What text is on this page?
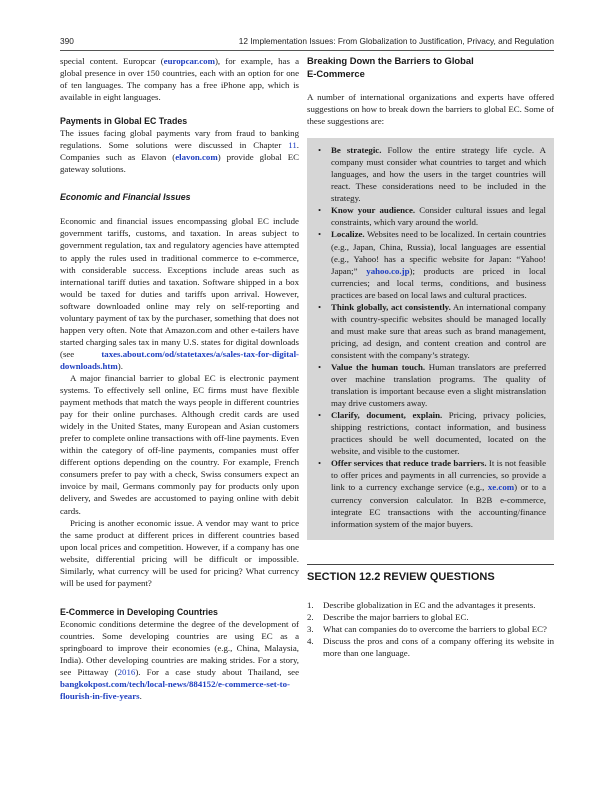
390	12 Implementation Issues: From Globalization to Justification, Privacy, and Regulation

special content. Europcar (europcar.com), for example, has a global presence in over 150 countries, each with an option for one of ten languages. The company has a free iPhone app, which is available in eight languages.

Payments in Global EC Trades

The issues facing global payments vary from fraud to banking regulations. Some solutions were discussed in Chapter 11. Companies such as Elavon (elavon.com) provide global EC gateway solutions.

Economic and Financial Issues

Economic and financial issues encompassing global EC include government tariffs, customs, and taxation. In areas subject to government regulation, tax and regulatory agencies have attempted to apply the rules used in traditional commerce to e-commerce, with considerable success. Exceptions include areas such as international tariff duties and taxation. Software shipped in a box would be taxed for duties and tariffs upon arrival. However, software downloaded online may rely on self-reporting and voluntary payment of tax by the purchaser, something that does not happen very often. Note that Amazon.com and other e-tailers have started charging sales tax in many U.S. states for digital downloads (see taxes.about.com/od/statetaxes/a/sales-tax-for-digital-downloads.htm).

A major financial barrier to global EC is electronic payment systems. To effectively sell online, EC firms must have flexible payment methods that match the ways people in different countries pay for their online purchases. Although credit cards are used widely in the United States, many European and Asian customers prefer to complete online transactions with off-line payments. Even within the category of off-line payments, companies must offer different options depending on the country. For example, French consumers prefer to pay with a check, Swiss consumers expect an invoice by mail, Germans commonly pay for products only upon delivery, and Swedes are accustomed to paying online with debit cards.

Pricing is another economic issue. A vendor may want to price the same product at different prices in different countries based upon local prices and competition. However, if a company has one website, differential pricing will be difficult or impossible. Similarly, what currency will be used for pricing? What currency will be used for payment?

E-Commerce in Developing Countries

Economic conditions determine the degree of the development of countries. Some developing countries are using EC as a springboard to improve their economies (e.g., China, Malaysia, India). Other developing countries are making strides. For a story, see Pittaway (2016). For a case study about Thailand, see bangkokpost.com/tech/local-news/884152/e-commerce-set-to-flourish-in-five-years.

Breaking Down the Barriers to Global
E-Commerce

A number of international organizations and experts have offered suggestions on how to break down the barriers to global EC. Some of these suggestions are:

• Be strategic. Follow the entire strategy life cycle. A company must consider what countries to target and which languages, and how the users in the target countries will react. These considerations need to be included in the strategy.
• Know your audience. Consider cultural issues and legal constraints, which vary around the world.
• Localize. Websites need to be localized. In certain countries (e.g., Japan, China, Russia), local languages are essential (e.g., Yahoo! has a specific website for Japan: “Yahoo! Japan;” yahoo.co.jp); products are priced in local currencies; and local terms, conditions, and business practices are based on local laws and cultural practices.
• Think globally, act consistently. An international company with country-specific websites should be managed locally and must make sure that areas such as brand management, pricing, ad design, and content creation and control are consistent with the company’s strategy.
• Value the human touch. Human translators are preferred over machine translation programs. The quality of translation is important because even a slight mistranslation may drive customers away.
• Clarify, document, explain. Pricing, privacy policies, shipping restrictions, contact information, and business practices should be well documented, located on the website, and visible to the customer.
• Offer services that reduce trade barriers. It is not feasible to offer prices and payments in all currencies, so provide a link to a currency exchange service (e.g., xe.com) or to a currency conversion calculator. In B2B e-commerce, integrate EC transactions with the accounting/finance information system of the major buyers.
SECTION 12.2 REVIEW QUESTIONS
1. Describe globalization in EC and the advantages it presents.
2. Describe the major barriers to global EC.
3. What can companies do to overcome the barriers to global EC?
4. Discuss the pros and cons of a company offering its website in more than one language.
